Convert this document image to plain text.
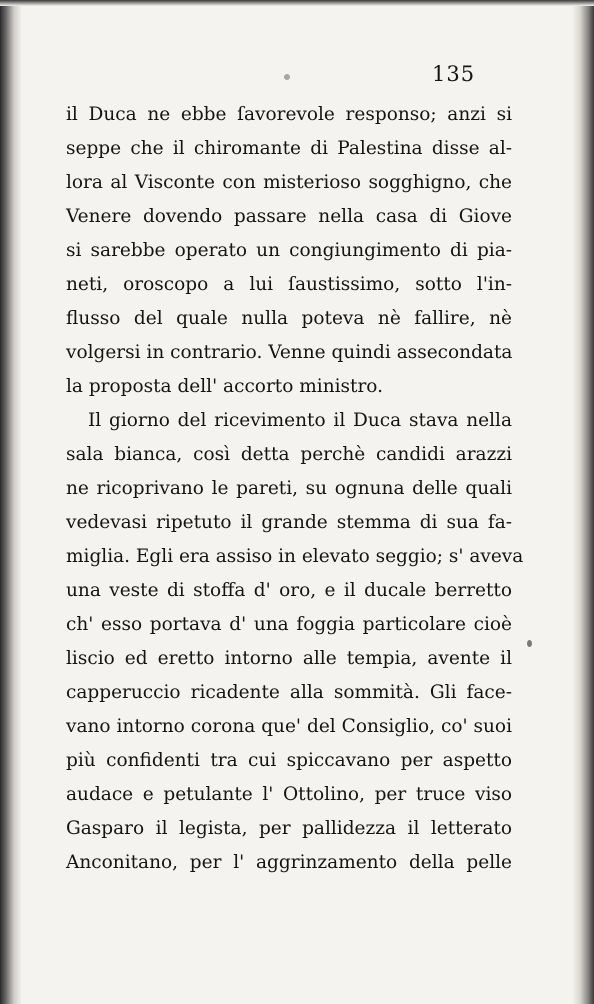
135
il Duca ne ebbe ſavorevole responso; anzi si
seppe che il chiromante di Palestina disse al-
lora al Visconte con misterioso sogghigno, che
Venere dovendo passare nella casa di Giove
si sarebbe operato un congiungimento di pia-
neti, oroscopo a lui ſaustissimo, sotto l'in-
flusso del quale nulla poteva nè fallire, nè
volgersi in contrario. Venne quindi assecondata
la proposta dell' accorto ministro.
Il giorno del ricevimento il Duca stava nella
sala bianca, così detta perchè candidi arazzi
ne ricoprivano le pareti, su ognuna delle quali
vedevasi ripetuto il grande stemma di sua fa-
miglia. Egli era assiso in elevato seggio; s' aveva
una veste di stoffa d' oro, e il ducale berretto
ch' esso portava d' una foggia particolare cioè
liscio ed eretto intorno alle tempia, avente il
capperuccio ricadente alla sommità. Gli face-
vano intorno corona que' del Consiglio, co' suoi
più confidenti tra cui spiccavano per aspetto
audace e petulante l' Ottolino, per truce viso
Gasparo il legista, per pallidezza il letterato
Anconitano, per l' aggrinzamento della pelle
